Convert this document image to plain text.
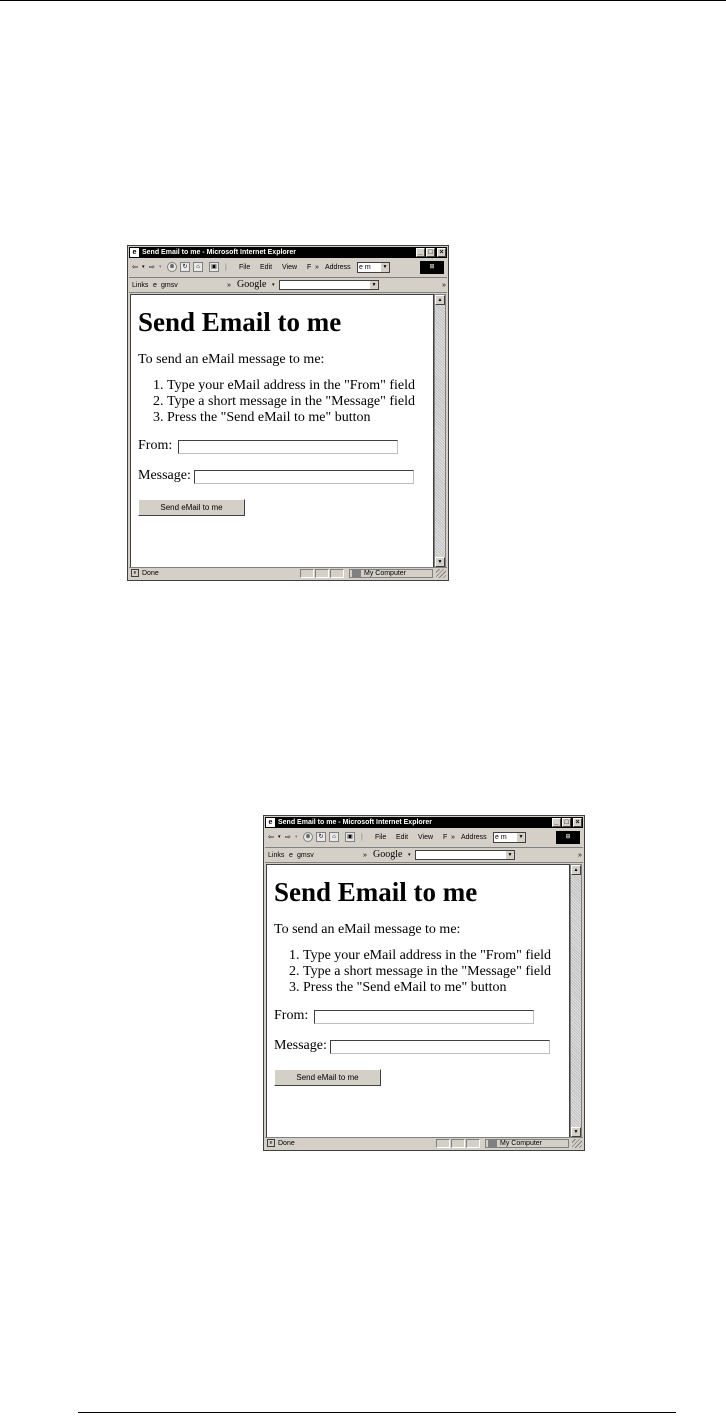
e Send Email to me - Microsoft Internet Explorer	_ □ ×
⇦ ▾ ⇨ ▾	⊗	↻	⌂	▣	| File Edit View F » Address e m	▼	⊞
Links e gmsv	» Google ▾	▼	»
Send Email to me

To send an eMail message to me:

1. Type your eMail address in the "From" field
2. Type a short message in the "Message" field
3. Press the "Send eMail to me" button
From:
Message:
Send eMail to me
▲
▼
e Done	My Computer
e Send Email to me - Microsoft Internet Explorer	_ □ ×
⇦ ▾ ⇨ ▾	⊗	↻	⌂	▣	| File Edit View F » Address e m	▼	⊞
Links e gmsv	» Google ▾	▼	»
Send Email to me

To send an eMail message to me:

1. Type your eMail address in the "From" field
2. Type a short message in the "Message" field
3. Press the "Send eMail to me" button
From:
Message:
Send eMail to me
▲
▼
e Done	My Computer
